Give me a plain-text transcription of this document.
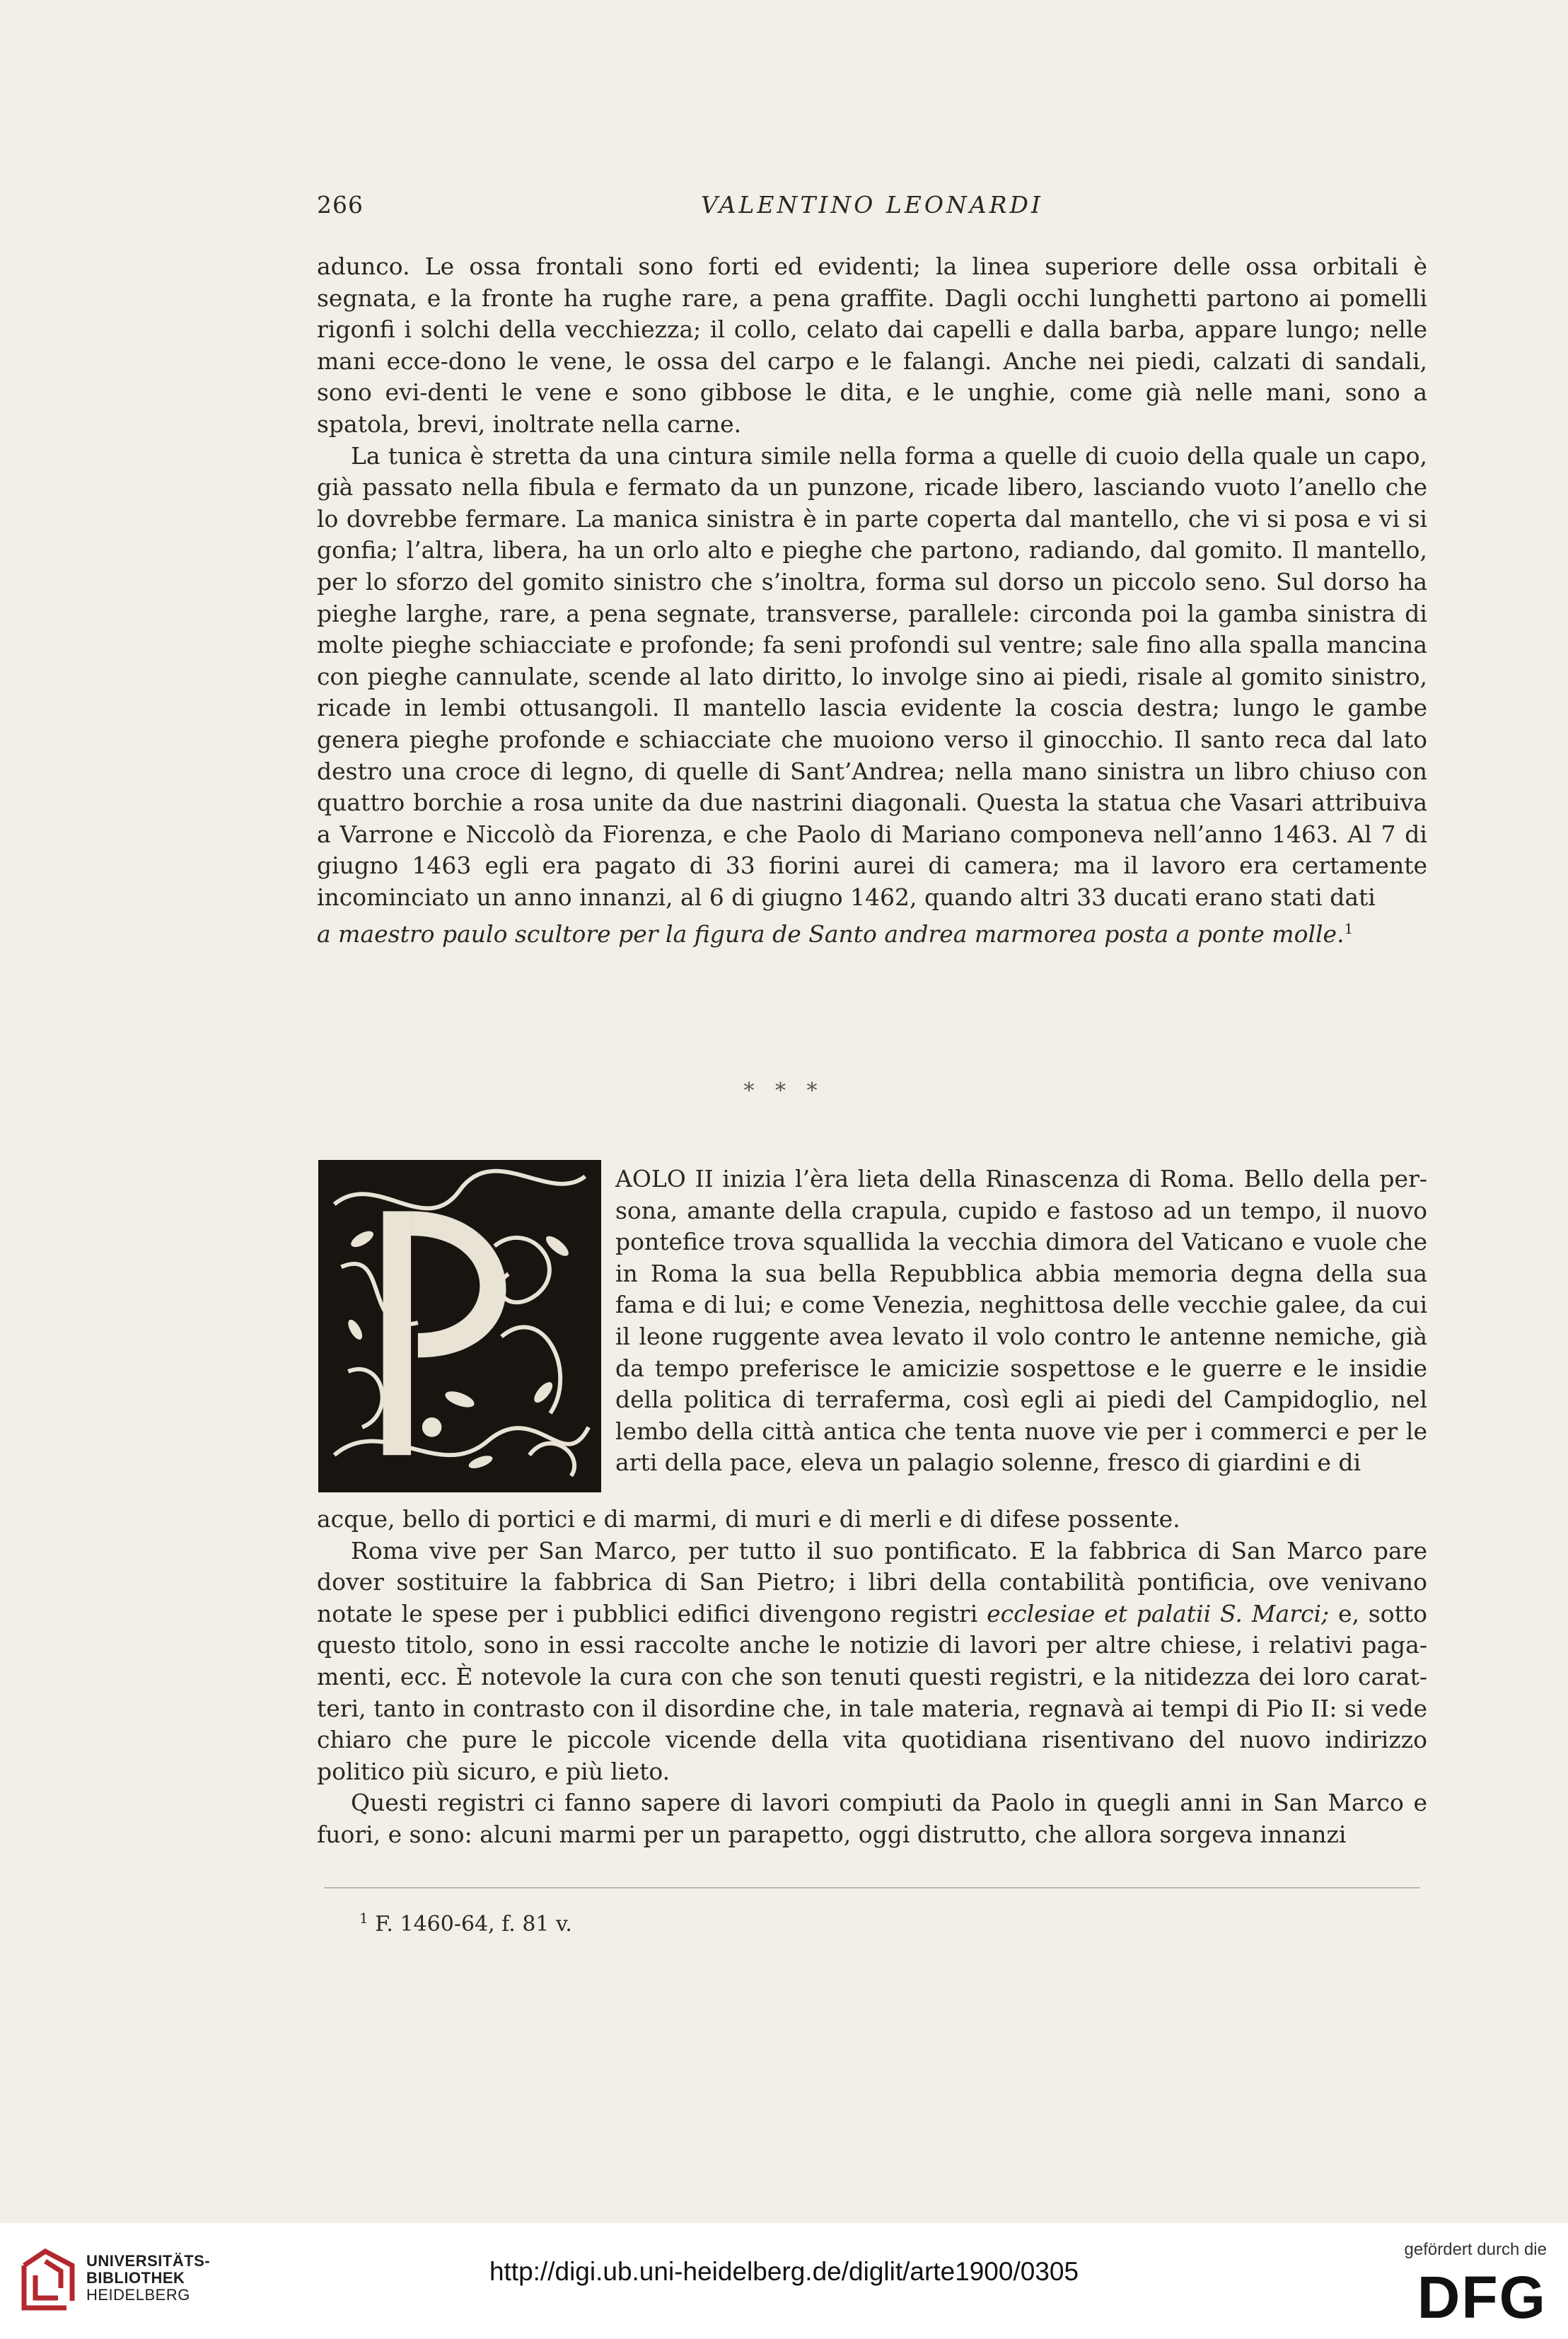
266	VALENTINO LEONARDI

adunco. Le ossa frontali sono forti ed evidenti; la linea superiore delle ossa orbitali è segnata, e la fronte ha rughe rare, a pena graffite. Dagli occhi lunghetti partono ai pomelli rigonfi i solchi della vecchiezza; il collo, celato dai capelli e dalla barba, appare lungo; nelle mani ecce-dono le vene, le ossa del carpo e le falangi. Anche nei piedi, calzati di sandali, sono evi-denti le vene e sono gibbose le dita, e le unghie, come già nelle mani, sono a spatola, brevi, inoltrate nella carne.

La tunica è stretta da una cintura simile nella forma a quelle di cuoio della quale un capo, già passato nella fibula e fermato da un punzone, ricade libero, lasciando vuoto l’anello che lo dovrebbe fermare. La manica sinistra è in parte coperta dal mantello, che vi si posa e vi si gonfia; l’altra, libera, ha un orlo alto e pieghe che partono, radiando, dal gomito. Il mantello, per lo sforzo del gomito sinistro che s’inoltra, forma sul dorso un piccolo seno. Sul dorso ha pieghe larghe, rare, a pena segnate, transverse, parallele: circonda poi la gamba sinistra di molte pieghe schiacciate e profonde; fa seni profondi sul ventre; sale fino alla spalla mancina con pieghe cannulate, scende al lato diritto, lo involge sino ai piedi, risale al gomito sinistro, ricade in lembi ottusangoli. Il mantello lascia evidente la coscia destra; lungo le gambe genera pieghe profonde e schiacciate che muoiono verso il ginocchio. Il santo reca dal lato destro una croce di legno, di quelle di Sant’Andrea; nella mano sinistra un libro chiuso con quattro borchie a rosa unite da due nastrini diagonali. Questa la statua che Vasari attribuiva a Varrone e Niccolò da Fiorenza, e che Paolo di Mariano componeva nell’anno 1463. Al 7 di giugno 1463 egli era pagato di 33 fiorini aurei di camera; ma il lavoro era certamente incominciato un anno innanzi, al 6 di giugno 1462, quando altri 33 ducati erano stati dati

a maestro paulo scultore per la figura de Santo andrea marmorea posta a ponte molle.$^1$

* * *

AOLO II inizia l’èra lieta della Rinascenza di Roma. Bello della per-sona, amante della crapula, cupido e fastoso ad un tempo, il nuovo pontefice trova squallida la vecchia dimora del Vaticano e vuole che in Roma la sua bella Repubblica abbia memoria degna della sua fama e di lui; e come Venezia, neghittosa delle vecchie galee, da cui il leone ruggente avea levato il volo contro le antenne nemiche, già da tempo preferisce le amicizie sospettose e le guerre e le insidie della politica di terraferma, così egli ai piedi del Campidoglio, nel lembo della città antica che tenta nuove vie per i commerci e per le arti della pace, eleva un palagio solenne, fresco di giardini e di

acque, bello di portici e di marmi, di muri e di merli e di difese possente.

Roma vive per San Marco, per tutto il suo pontificato. E la fabbrica di San Marco pare dover sostituire la fabbrica di San Pietro; i libri della contabilità pontificia, ove venivano notate le spese per i pubblici edifici divengono registri ecclesiae et palatii S. Marci; e, sotto questo titolo, sono in essi raccolte anche le notizie di lavori per altre chiese, i relativi paga-menti, ecc. È notevole la cura con che son tenuti questi registri, e la nitidezza dei loro carat-teri, tanto in contrasto con il disordine che, in tale materia, regnavà ai tempi di Pio II: si vede chiaro che pure le piccole vicende della vita quotidiana risentivano del nuovo indirizzo politico più sicuro, e più lieto.

Questi registri ci fanno sapere di lavori compiuti da Paolo in quegli anni in San Marco e fuori, e sono: alcuni marmi per un parapetto, oggi distrutto, che allora sorgeva innanzi

$^1$ F. 1460-64, f. 81 v.
UNIVERSITÄTS-
BIBLIOTHEK
HEIDELBERG
http://digi.ub.uni-heidelberg.de/diglit/arte1900/0305
gefördert durch die
DFG
